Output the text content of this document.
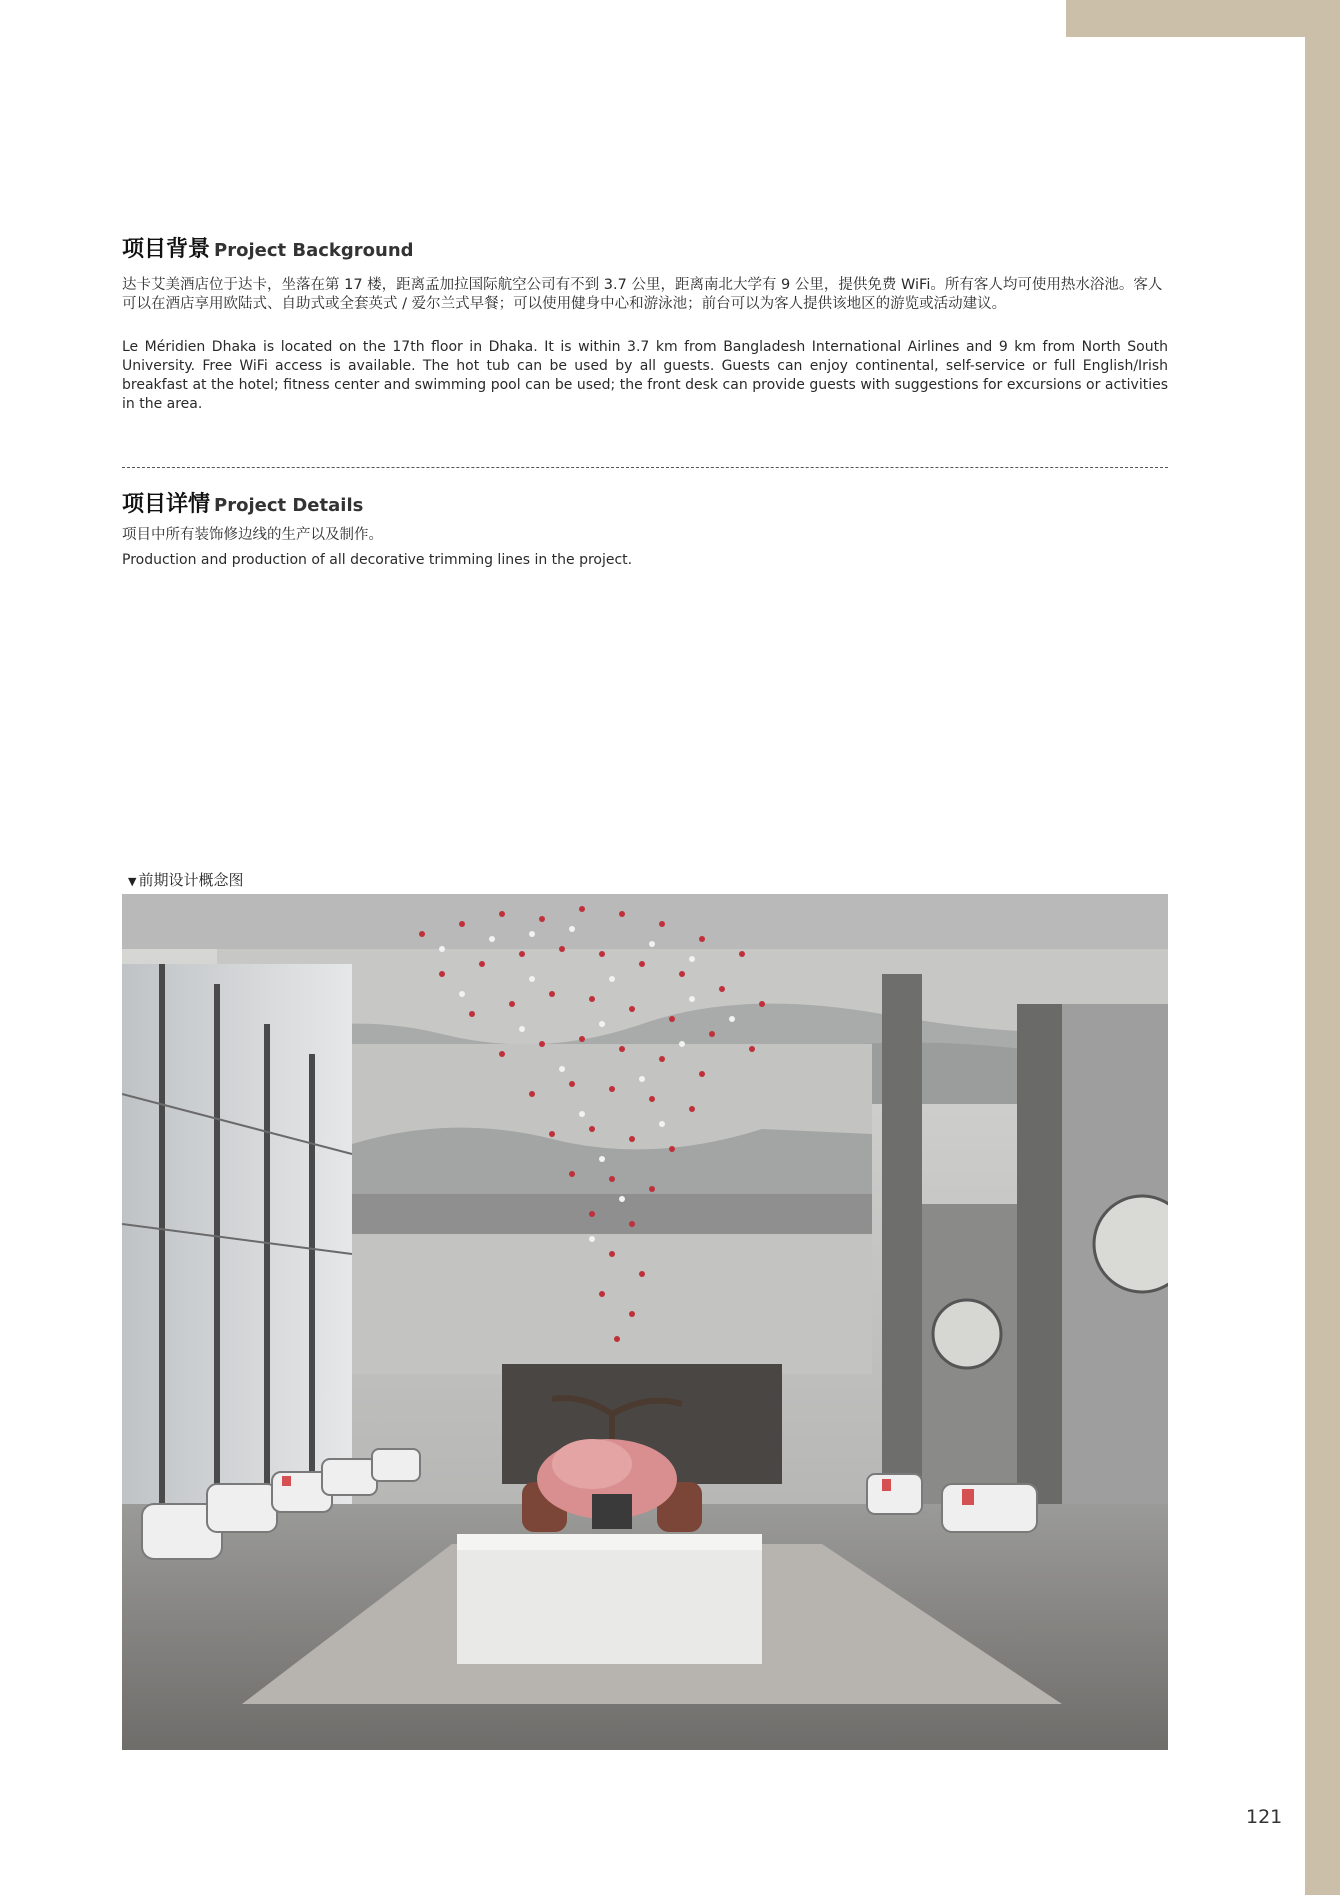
项目背景 Project Background

达卡艾美酒店位于达卡，坐落在第 17 楼，距离孟加拉国际航空公司有不到 3.7 公里，距离南北大学有 9 公里，提供免费 WiFi。所有客人均可使用热水浴池。客人可以在酒店享用欧陆式、自助式或全套英式 / 爱尔兰式早餐；可以使用健身中心和游泳池；前台可以为客人提供该地区的游览或活动建议。

Le Méridien Dhaka is located on the 17th floor in Dhaka. It is within 3.7 km from Bangladesh International Airlines and 9 km from North South University. Free WiFi access is available. The hot tub can be used by all guests. Guests can enjoy continental, self-service or full English/Irish breakfast at the hotel; fitness center and swimming pool can be used; the front desk can provide guests with suggestions for excursions or activities in the area.

项目详情 Project Details

项目中所有装饰修边线的生产以及制作。

Production and production of all decorative trimming lines in the project.

▼ 前期设计概念图
121
